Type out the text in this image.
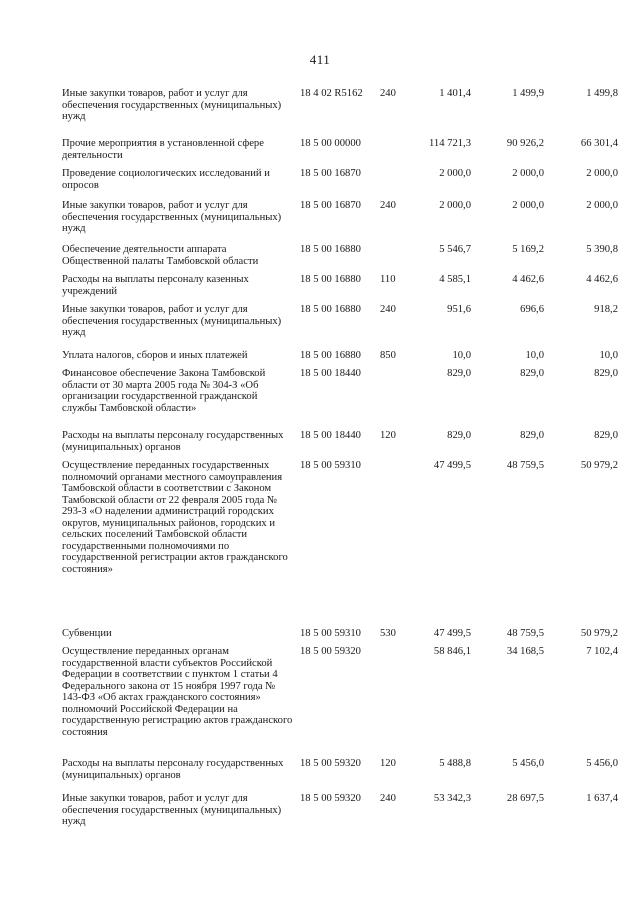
411
Иные закупки товаров, работ и услуг для обеспечения государственных (муниципальных) нужд
18 4 02 R5162 240	1 401,4	1 499,9	1 499,8
Прочие мероприятия в установленной сфере деятельности
18 5 00 00000	114 721,3	90 926,2	66 301,4
Проведение социологических исследований и опросов
18 5 00 16870	2 000,0	2 000,0	2 000,0
Иные закупки товаров, работ и услуг для обеспечения государственных (муниципальных) нужд
18 5 00 16870 240	2 000,0	2 000,0	2 000,0
Обеспечение деятельности аппарата Общественной палаты Тамбовской области
18 5 00 16880	5 546,7	5 169,2	5 390,8
Расходы на выплаты персоналу казенных учреждений
18 5 00 16880 110	4 585,1	4 462,6	4 462,6
Иные закупки товаров, работ и услуг для обеспечения государственных (муниципальных) нужд
18 5 00 16880 240	951,6	696,6	918,2
Уплата налогов, сборов и иных платежей	18 5 00 16880 850	10,0	10,0	10,0
Финансовое обеспечение Закона Тамбовской области от 30 марта 2005 года № 304-З «Об организации государственной гражданской службы Тамбовской области»
18 5 00 18440	829,0	829,0	829,0
Расходы на выплаты персоналу государственных (муниципальных) органов
18 5 00 18440 120	829,0	829,0	829,0
Осуществление переданных государственных полномочий органами местного самоуправления Тамбовской области в соответствии с Законом Тамбовской области от 22 февраля 2005 года № 293-З «О наделении администраций городских округов, муниципальных районов, городских и сельских поселений Тамбовской области государственными полномочиями по государственной регистрации актов гражданского состояния»
18 5 00 59310	47 499,5	48 759,5	50 979,2
Субвенции	18 5 00 59310 530	47 499,5	48 759,5	50 979,2
Осуществление переданных органам государственной власти субъектов Российской Федерации в соответствии с пунктом 1 статьи 4 Федерального закона от 15 ноября 1997 года № 143-ФЗ «Об актах гражданского состояния» полномочий Российской Федерации на государственную регистрацию актов гражданского состояния
18 5 00 59320	58 846,1	34 168,5	7 102,4
Расходы на выплаты персоналу государственных (муниципальных) органов
18 5 00 59320 120	5 488,8	5 456,0	5 456,0
Иные закупки товаров, работ и услуг для обеспечения государственных (муниципальных) нужд
18 5 00 59320 240	53 342,3	28 697,5	1 637,4
